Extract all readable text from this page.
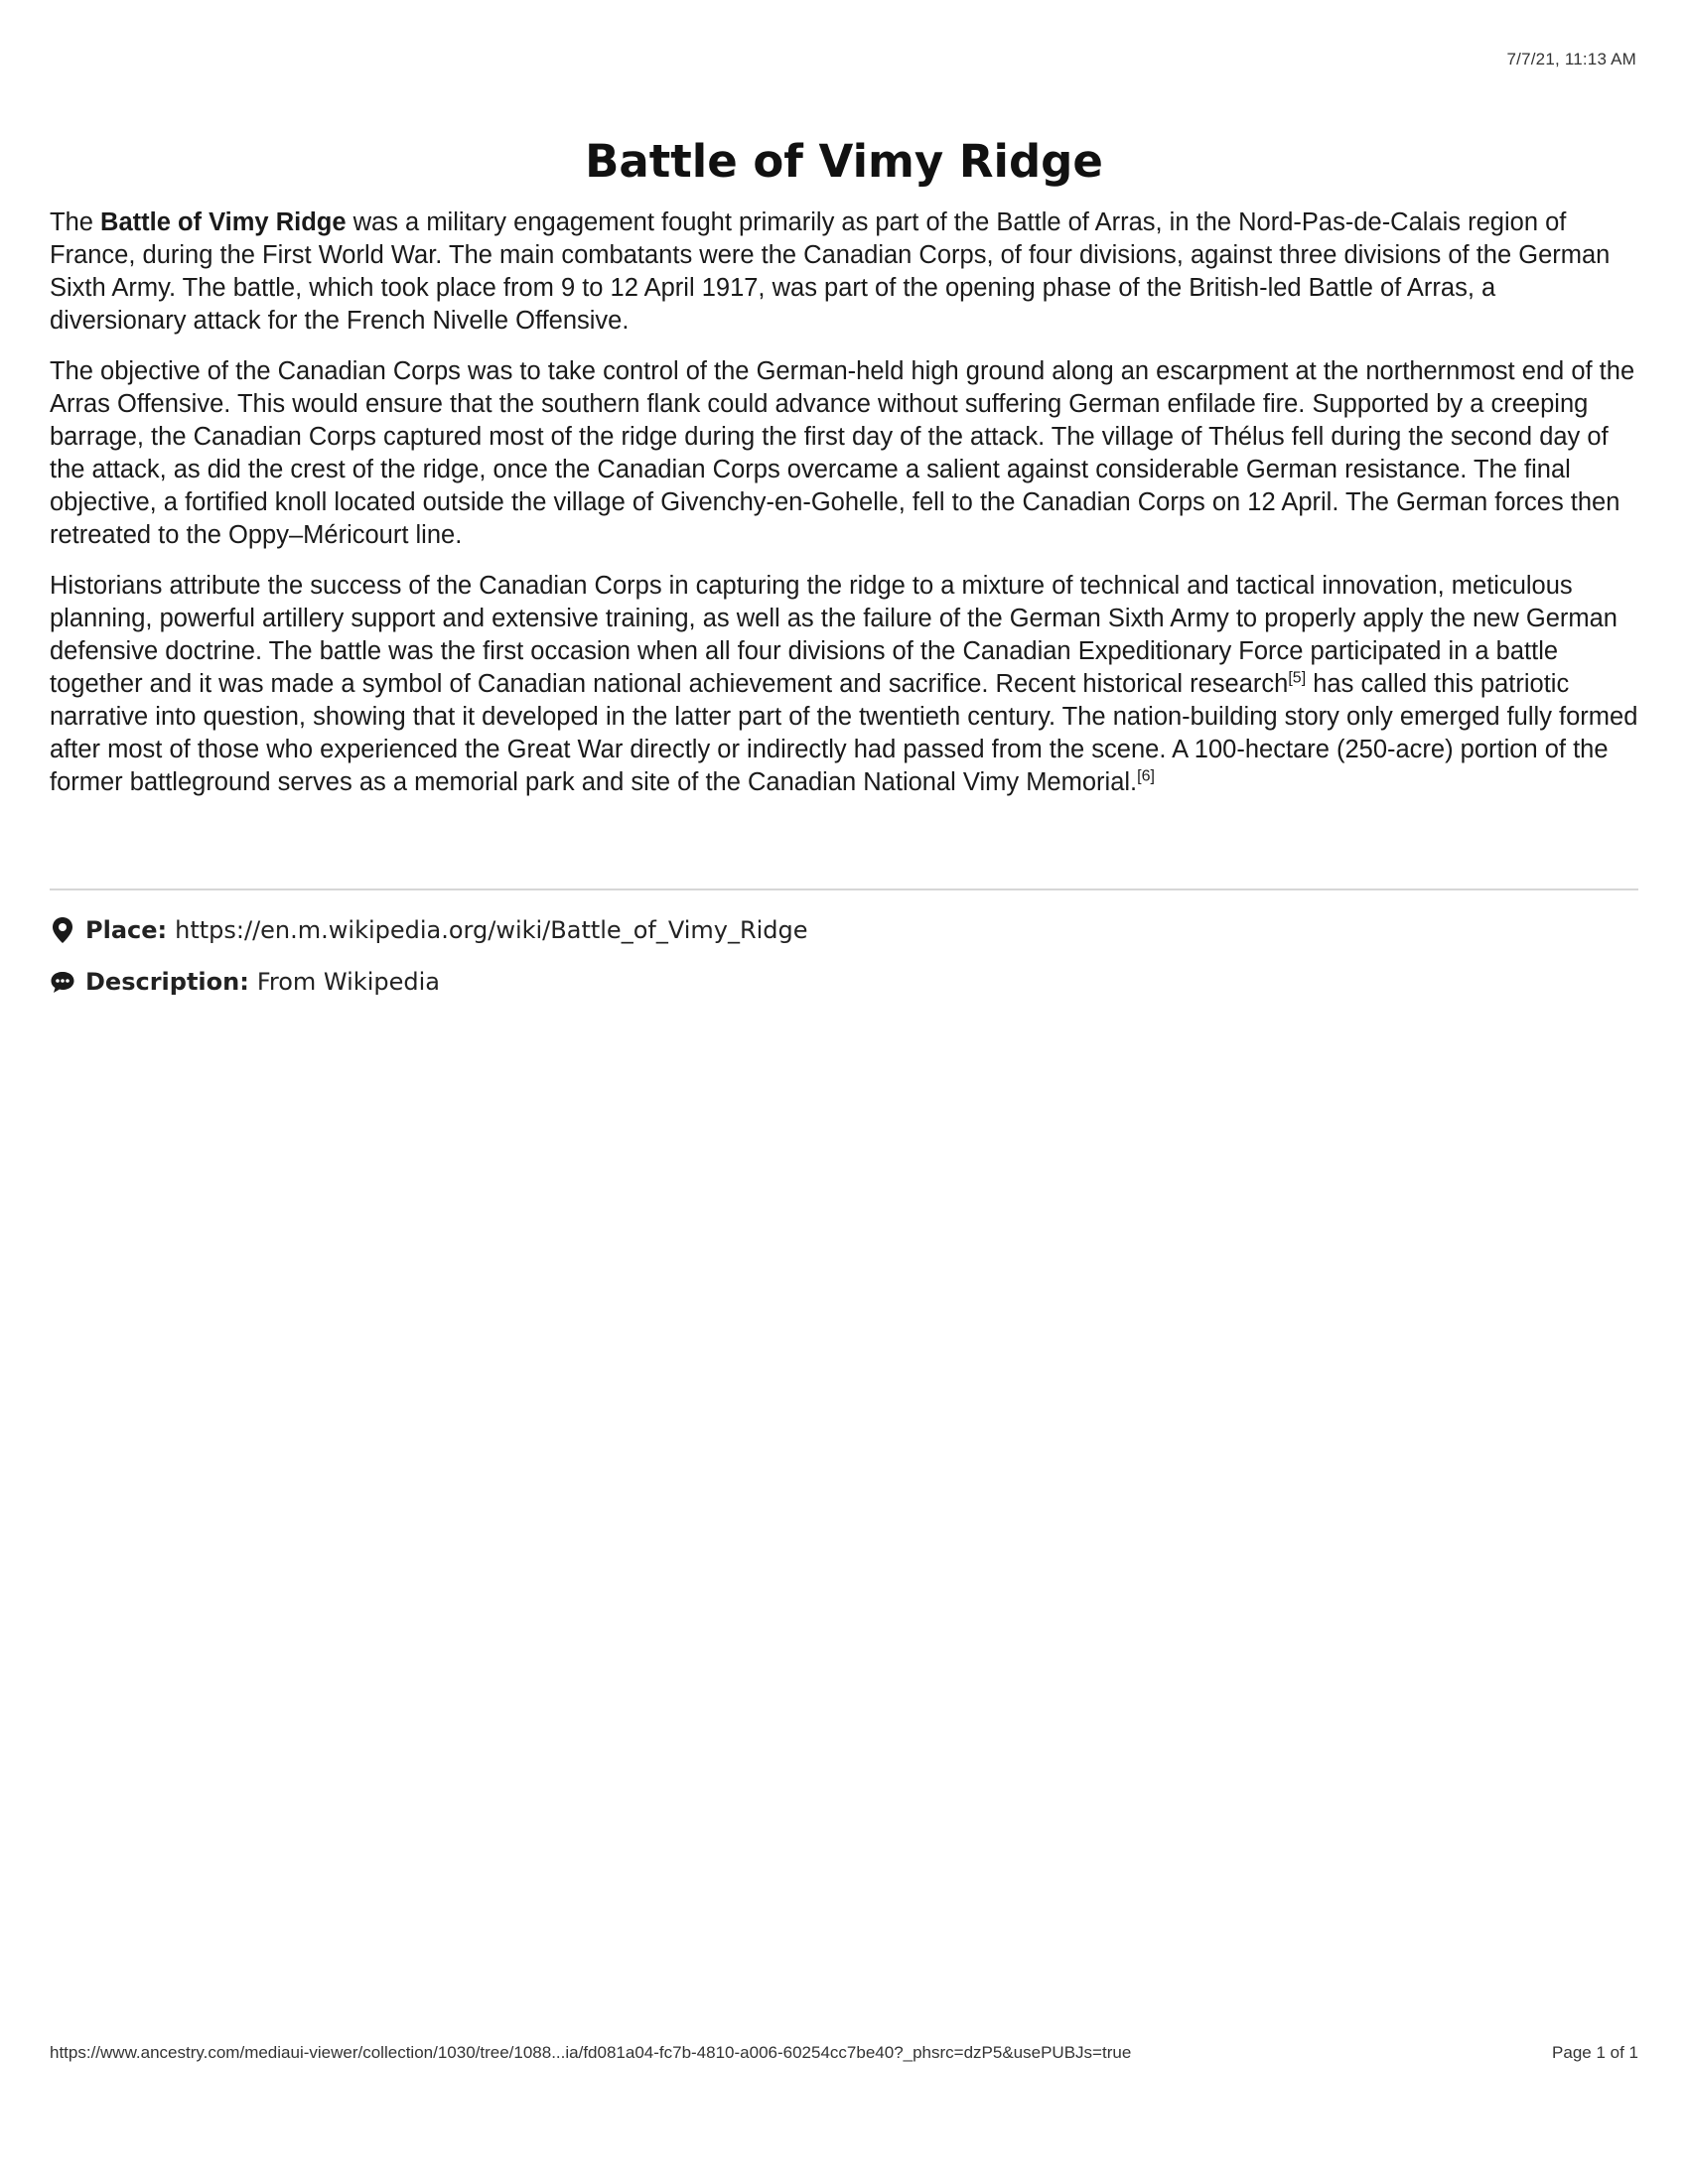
7/7/21, 11:13 AM
Battle of Vimy Ridge

The Battle of Vimy Ridge was a military engagement fought primarily as part of the Battle of Arras, in the Nord-Pas-de-Calais region of France, during the First World War. The main combatants were the Canadian Corps, of four divisions, against three divisions of the German Sixth Army. The battle, which took place from 9 to 12 April 1917, was part of the opening phase of the British-led Battle of Arras, a diversionary attack for the French Nivelle Offensive.

The objective of the Canadian Corps was to take control of the German-held high ground along an escarpment at the northernmost end of the Arras Offensive. This would ensure that the southern flank could advance without suffering German enfilade fire. Supported by a creeping barrage, the Canadian Corps captured most of the ridge during the first day of the attack. The village of Thélus fell during the second day of the attack, as did the crest of the ridge, once the Canadian Corps overcame a salient against considerable German resistance. The final objective, a fortified knoll located outside the village of Givenchy-en-Gohelle, fell to the Canadian Corps on 12 April. The German forces then retreated to the Oppy–Méricourt line.

Historians attribute the success of the Canadian Corps in capturing the ridge to a mixture of technical and tactical innovation, meticulous planning, powerful artillery support and extensive training, as well as the failure of the German Sixth Army to properly apply the new German defensive doctrine. The battle was the first occasion when all four divisions of the Canadian Expeditionary Force participated in a battle together and it was made a symbol of Canadian national achievement and sacrifice. Recent historical research[5] has called this patriotic narrative into question, showing that it developed in the latter part of the twentieth century. The nation-building story only emerged fully formed after most of those who experienced the Great War directly or indirectly had passed from the scene. A 100-hectare (250-acre) portion of the former battleground serves as a memorial park and site of the Canadian National Vimy Memorial.[6]

Place: https://en.m.wikipedia.org/wiki/Battle_of_Vimy_Ridge
Description: From Wikipedia
https://www.ancestry.com/mediaui-viewer/collection/1030/tree/1088...ia/fd081a04-fc7b-4810-a006-60254cc7be40?_phsrc=dzP5&usePUBJs=true	Page 1 of 1
